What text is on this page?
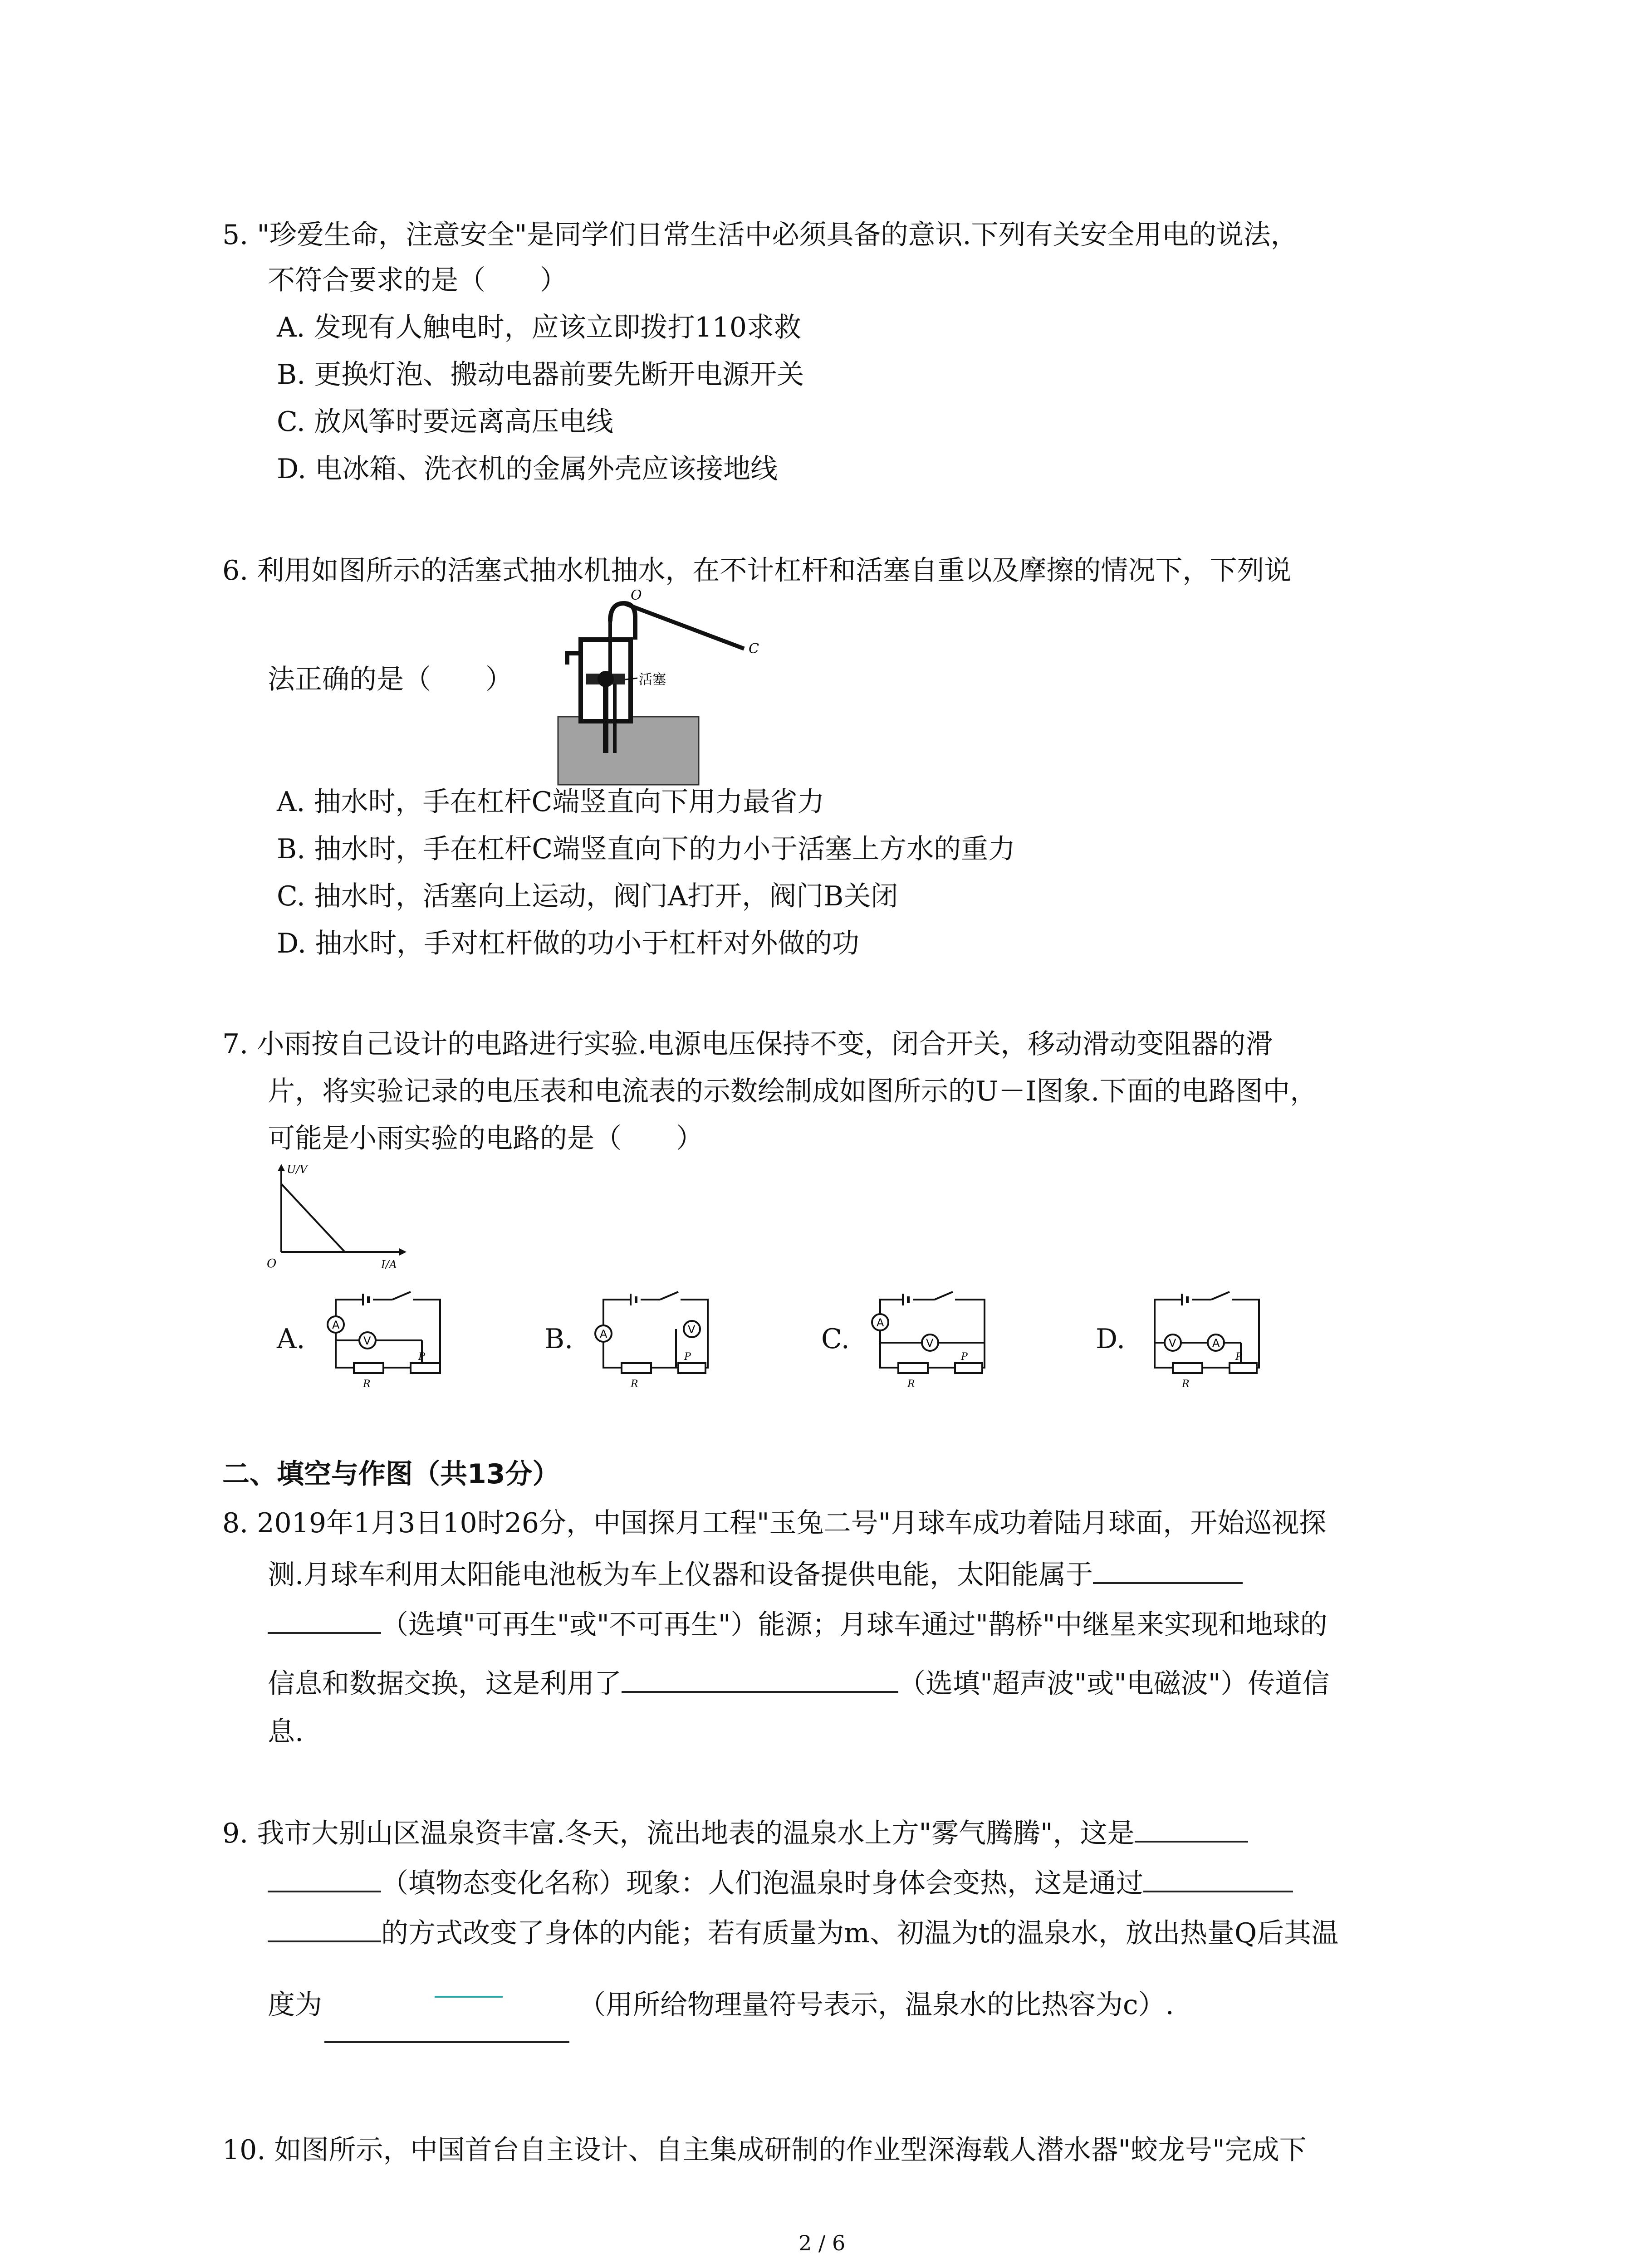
5. "珍爱生命，注意安全"是同学们日常生活中必须具备的意识.下列有关安全用电的说法，
不符合要求的是（　　）
A. 发现有人触电时，应该立即拨打110求救
B. 更换灯泡、搬动电器前要先断开电源开关
C. 放风筝时要远离高压电线
D. 电冰箱、洗衣机的金属外壳应该接地线
6. 利用如图所示的活塞式抽水机抽水，在不计杠杆和活塞自重以及摩擦的情况下，下列说
法正确的是（　　）
O
C
活塞
A. 抽水时，手在杠杆C端竖直向下用力最省力
B. 抽水时，手在杠杆C端竖直向下的力小于活塞上方水的重力
C. 抽水时，活塞向上运动，阀门A打开，阀门B关闭
D. 抽水时，手对杠杆做的功小于杠杆对外做的功
7. 小雨按自己设计的电路进行实验.电源电压保持不变，闭合开关，移动滑动变阻器的滑
片，将实验记录的电压表和电流表的示数绘制成如图所示的U－I图象.下面的电路图中，
可能是小雨实验的电路的是（　　）
U/V
I/A
O
A. A
V
R
P
B. A	V
R
P
C.
A
V
R
P
D.	V	A
R
P
二、填空与作图（共13分）
8. 2019年1月3日10时26分，中国探月工程"玉兔二号"月球车成功着陆月球面，开始巡视探
测.月球车利用太阳能电池板为车上仪器和设备提供电能，太阳能属于
（选填"可再生"或"不可再生"）能源；月球车通过"鹊桥"中继星来实现和地球的
信息和数据交换，这是利用了	（选填"超声波"或"电磁波"）传道信
息.
9. 我市大别山区温泉资丰富.冬天，流出地表的温泉水上方"雾气腾腾"，这是
（填物态变化名称）现象：人们泡温泉时身体会变热，这是通过
的方式改变了身体的内能；若有质量为m、初温为t的温泉水，放出热量Q后其温
度为	（用所给物理量符号表示，温泉水的比热容为c）.
10. 如图所示，中国首台自主设计、自主集成研制的作业型深海载人潜水器"蛟龙号"完成下
2 / 6
